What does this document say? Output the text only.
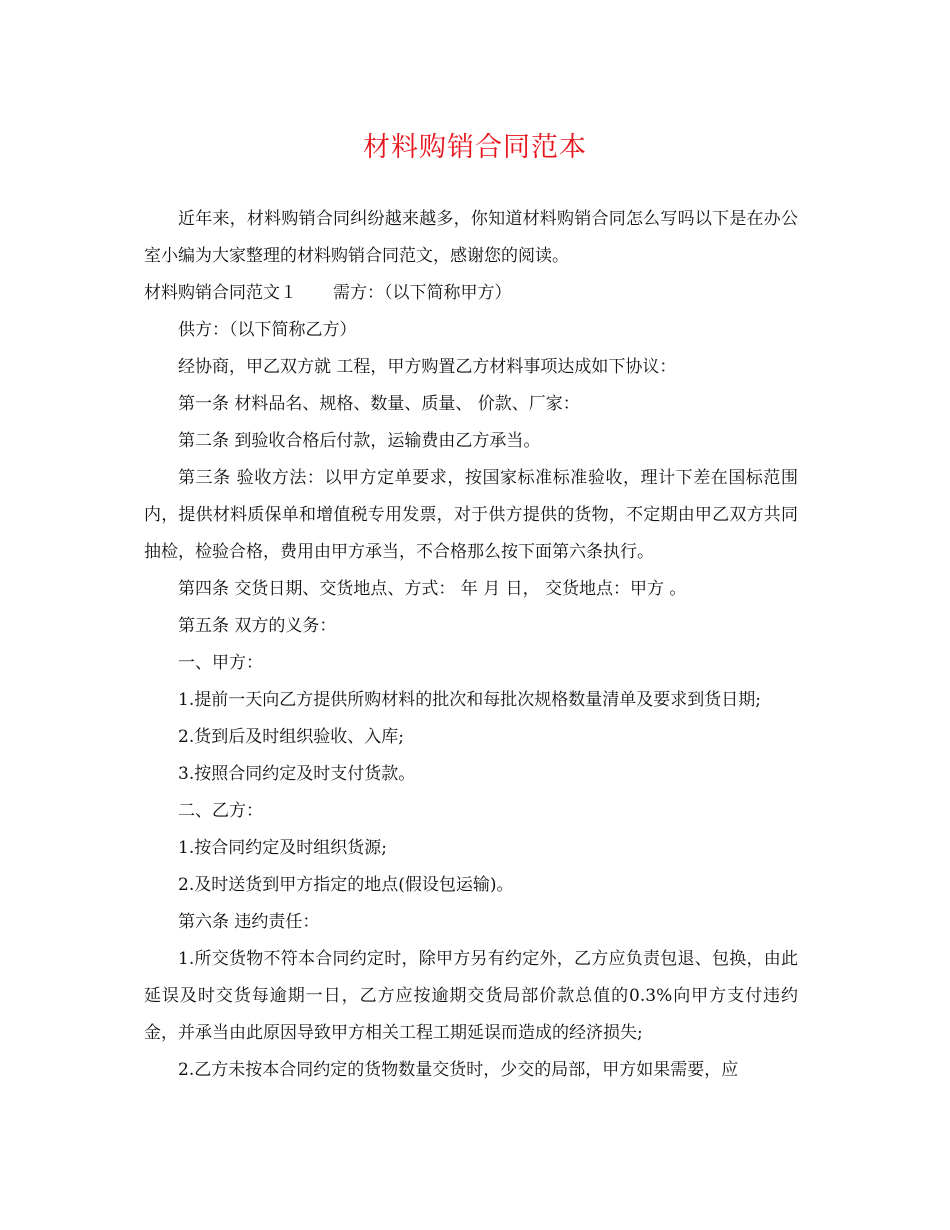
材料购销合同范本

近年来，材料购销合同纠纷越来越多，你知道材料购销合同怎么写吗以下是在办公室小编为大家整理的材料购销合同范文，感谢您的阅读。

材料购销合同范文１ 需方：（以下简称甲方）

供方：（以下简称乙方）

经协商，甲乙双方就 工程，甲方购置乙方材料事项达成如下协议：

第一条 材料品名、规格、数量、质量、 价款、厂家：

第二条 到验收合格后付款，运输费由乙方承当。

第三条 验收方法：以甲方定单要求，按国家标准标准验收，理计下差在国标范围内，提供材料质保单和增值税专用发票，对于供方提供的货物，不定期由甲乙双方共同抽检，检验合格，费用由甲方承当，不合格那么按下面第六条执行。

第四条 交货日期、交货地点、方式： 年 月 日， 交货地点：甲方 。

第五条 双方的义务：

一、甲方：

1.提前一天向乙方提供所购材料的批次和每批次规格数量清单及要求到货日期;

2.货到后及时组织验收、入库;

3.按照合同约定及时支付货款。

二、乙方：

1.按合同约定及时组织货源;

2.及时送货到甲方指定的地点(假设包运输)。

第六条 违约责任：

1.所交货物不符本合同约定时，除甲方另有约定外，乙方应负责包退、包换，由此延误及时交货每逾期一日，乙方应按逾期交货局部价款总值的0.3%向甲方支付违约金，并承当由此原因导致甲方相关工程工期延误而造成的经济损失;

2.乙方未按本合同约定的货物数量交货时，少交的局部，甲方如果需要，应
